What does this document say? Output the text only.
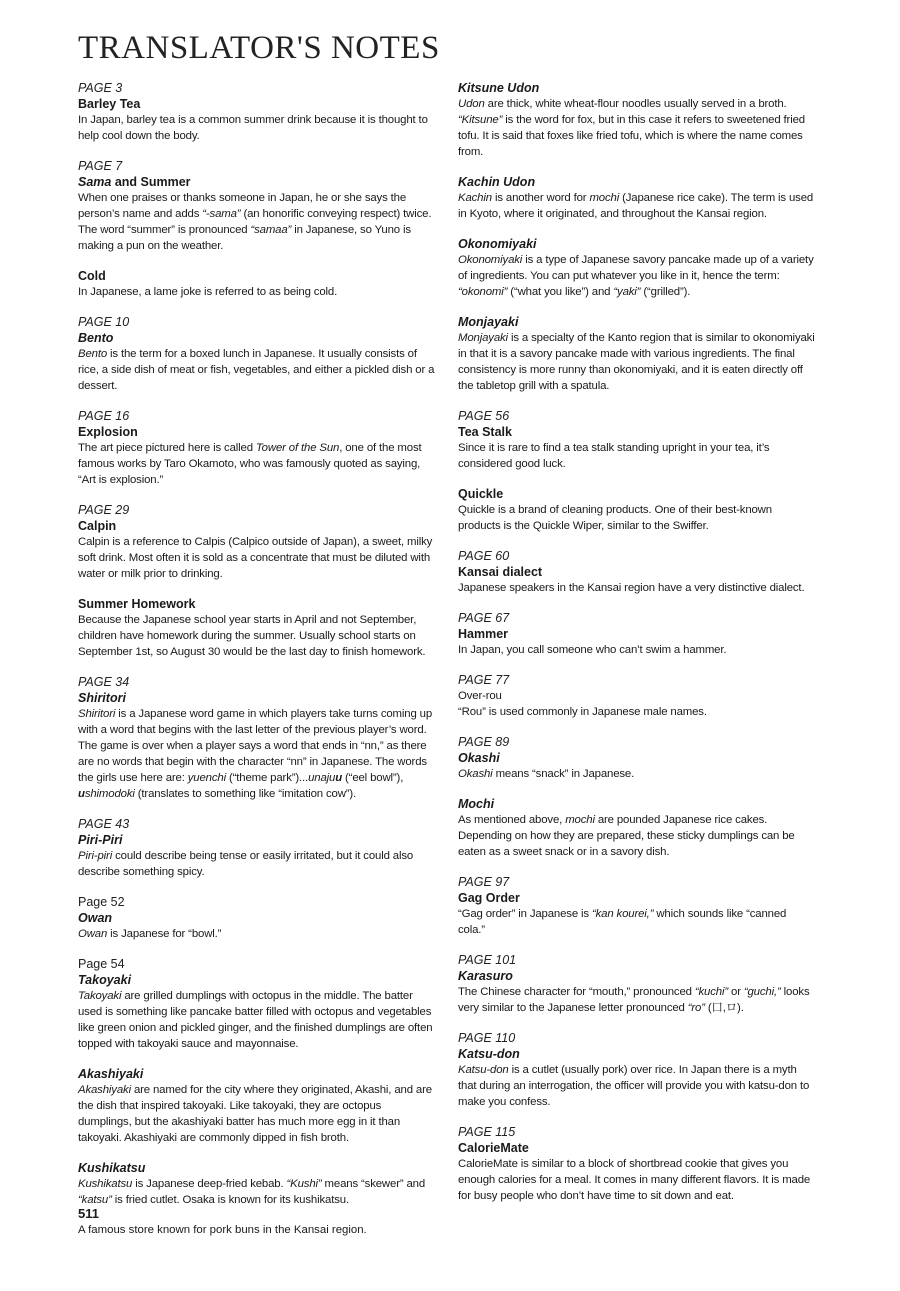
TRANSLATOR'S NOTES
PAGE 3
Barley Tea

In Japan, barley tea is a common summer drink because it is thought to help cool down the body.

PAGE 7
Sama and Summer

When one praises or thanks someone in Japan, he or she says the person’s name and adds “-sama” (an honorific conveying respect) twice. The word “summer” is pronounced “samaa” in Japanese, so Yuno is making a pun on the weather.

Cold

In Japanese, a lame joke is referred to as being cold.

PAGE 10
Bento

Bento is the term for a boxed lunch in Japanese. It usually consists of rice, a side dish of meat or fish, vegetables, and either a pickled dish or a dessert.

PAGE 16
Explosion

The art piece pictured here is called Tower of the Sun, one of the most famous works by Taro Okamoto, who was famously quoted as saying, “Art is explosion.”

PAGE 29
Calpin

Calpin is a reference to Calpis (Calpico outside of Japan), a sweet, milky soft drink. Most often it is sold as a concentrate that must be diluted with water or milk prior to drinking.

Summer Homework

Because the Japanese school year starts in April and not September, children have homework during the summer. Usually school starts on September 1st, so August 30 would be the last day to finish homework.

PAGE 34
Shiritori

Shiritori is a Japanese word game in which players take turns coming up with a word that begins with the last letter of the previous player’s word. The game is over when a player says a word that ends in “nn,” as there are no words that begin with the character “nn” in Japanese. The words the girls use here are: yuenchi (“theme park”)...unajuu (“eel bowl”), ushimodoki (translates to something like “imitation cow”).

PAGE 43
Piri-Piri

Piri-piri could describe being tense or easily irritated, but it could also describe something spicy.

Page 52
Owan

Owan is Japanese for “bowl.”

Page 54
Takoyaki

Takoyaki are grilled dumplings with octopus in the middle. The batter used is something like pancake batter filled with octopus and vegetables like green onion and pickled ginger, and the finished dumplings are often topped with takoyaki sauce and mayonnaise.

Akashiyaki

Akashiyaki are named for the city where they originated, Akashi, and are the dish that inspired takoyaki. Like takoyaki, they are octopus dumplings, but the akashiyaki batter has much more egg in it than takoyaki. Akashiyaki are commonly dipped in fish broth.

Kushikatsu

Kushikatsu is Japanese deep-fried kebab. “Kushi” means “skewer” and “katsu” is fried cutlet. Osaka is known for its kushikatsu.

511
A famous store known for pork buns in the Kansai region.
Kitsune Udon

Udon are thick, white wheat-flour noodles usually served in a broth. “Kitsune” is the word for fox, but in this case it refers to sweetened fried tofu. It is said that foxes like fried tofu, which is where the name comes from.

Kachin Udon

Kachin is another word for mochi (Japanese rice cake). The term is used in Kyoto, where it originated, and throughout the Kansai region.

Okonomiyaki

Okonomiyaki is a type of Japanese savory pancake made up of a variety of ingredients. You can put whatever you like in it, hence the term: “okonomi” (“what you like”) and “yaki” (“grilled”).

Monjayaki

Monjayaki is a specialty of the Kanto region that is similar to okonomiyaki in that it is a savory pancake made with various ingredients. The final consistency is more runny than okonomiyaki, and it is eaten directly off the tabletop grill with a spatula.

PAGE 56
Tea Stalk

Since it is rare to find a tea stalk standing upright in your tea, it’s considered good luck.

Quickle

Quickle is a brand of cleaning products. One of their best-known products is the Quickle Wiper, similar to the Swiffer.

PAGE 60
Kansai dialect

Japanese speakers in the Kansai region have a very distinctive dialect.

PAGE 67
Hammer

In Japan, you call someone who can’t swim a hammer.

PAGE 77
Over-rou

“Rou” is used commonly in Japanese male names.

PAGE 89
Okashi

Okashi means “snack” in Japanese.

Mochi

As mentioned above, mochi are pounded Japanese rice cakes. Depending on how they are prepared, these sticky dumplings can be eaten as a sweet snack or in a savory dish.

PAGE 97
Gag Order

“Gag order” in Japanese is “kan kourei,” which sounds like “canned cola.”

PAGE 101
Karasuro

The Chinese character for “mouth,” pronounced “kuchi” or “guchi,” looks very similar to the Japanese letter pronounced “ro” (口,ロ).

PAGE 110
Katsu-don

Katsu-don is a cutlet (usually pork) over rice. In Japan there is a myth that during an interrogation, the officer will provide you with katsu-don to make you confess.

PAGE 115
CalorieMate

CalorieMate is similar to a block of shortbread cookie that gives you enough calories for a meal. It comes in many different flavors. It is made for busy people who don’t have time to sit down and eat.
